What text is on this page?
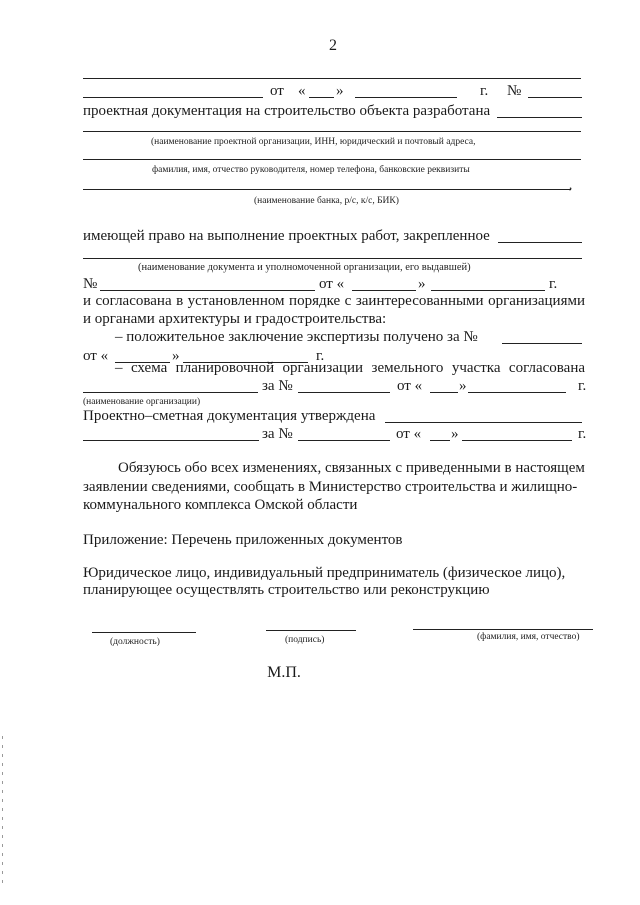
2
от « »	г. №
проектная документация на строительство объекта разработана
(наименование проектной организации, ИНН, юридический и почтовый адреса,
фамилия, имя, отчество руководителя, номер телефона, банковские реквизиты
,
(наименование банка, р/с, к/с, БИК)
имеющей право на выполнение проектных работ, закрепленное
(наименование документа и уполномоченной организации, его выдавшей)
№	от «	»	г.
и согласована в установленном порядке с заинтересованными организациями
и органами архитектуры и градостроительства:
– положительное заключение экспертизы получено за №
от «	»	г.
– схема планировочной организации земельного участка согласована
за №	от « »	г.
(наименование организации)
Проектно–сметная документация утверждена
за №	от « »	г.
Обязуюсь обо всех изменениях, связанных с приведенными в настоящем
заявлении сведениями, сообщать в Министерство строительства и жилищно-
коммунального комплекса Омской области
Приложение: Перечень приложенных документов
Юридическое лицо, индивидуальный предприниматель (физическое лицо),
планирующее осуществлять строительство или реконструкцию
(должность)	(подпись)	(фамилия, имя, отчество)
М.П.
